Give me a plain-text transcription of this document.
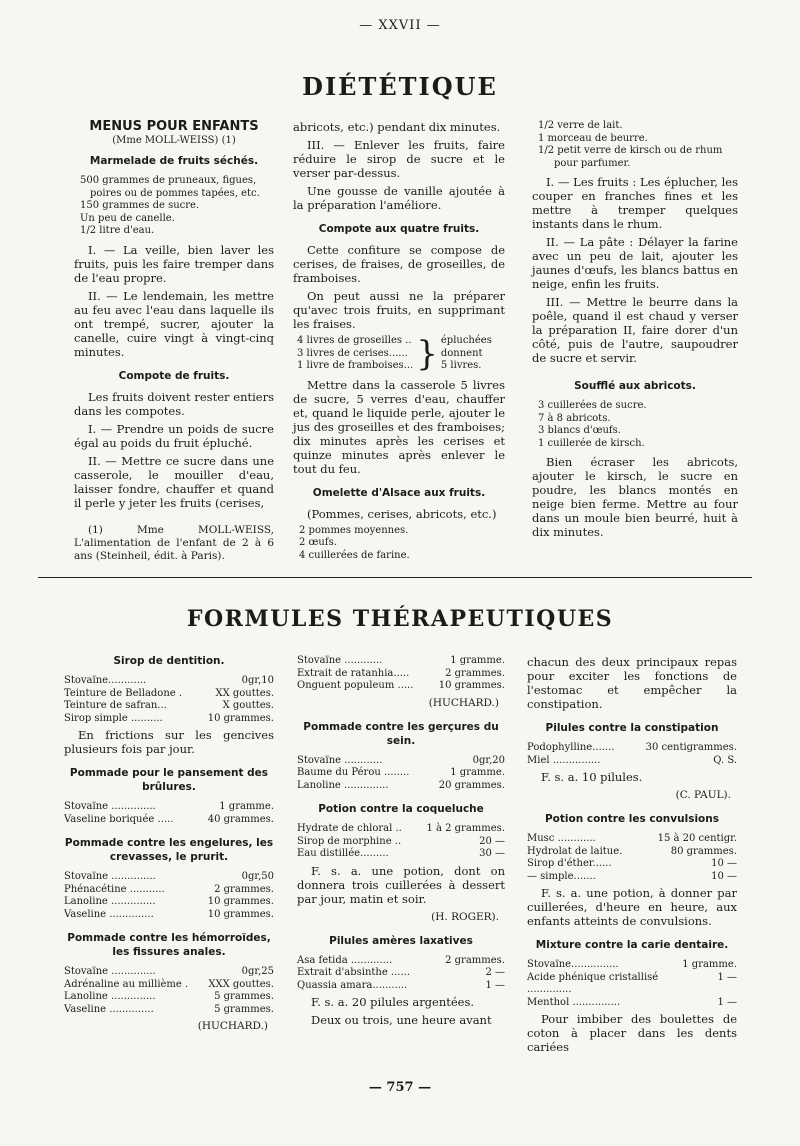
— XXVII —
DIÉTÉTIQUE
MENUS POUR ENFANTS
(Mme MOLL-WEISS) (1)
Marmelade de fruits séchés.
500 grammes de pruneaux, figues,
poires ou de pommes tapées, etc.
150 grammes de sucre.
Un peu de canelle.
1/2 litre d'eau.

I. — La veille, bien laver les fruits, puis les faire tremper dans de l'eau propre.

II. — Le lendemain, les mettre au feu avec l'eau dans laquelle ils ont trempé, sucrer, ajouter la canelle, cuire vingt à vingt-cinq minutes.

Compote de fruits.

Les fruits doivent rester entiers dans les compotes.

I. — Prendre un poids de sucre égal au poids du fruit épluché.

II. — Mettre ce sucre dans une casserole, le mouiller d'eau, laisser fondre, chauffer et quand il perle y jeter les fruits (cerises,

(1) Mme MOLL-WEISS, L'alimentation de l'enfant de 2 à 6 ans (Steinheil, édit. à Paris).

abricots, etc.) pendant dix minutes.

III. — Enlever les fruits, faire réduire le sirop de sucre et le verser par-dessus.

Une gousse de vanille ajoutée à la préparation l'améliore.

Compote aux quatre fruits.

Cette confiture se compose de cerises, de fraises, de groseilles, de framboises.

On peut aussi ne la préparer qu'avec trois fruits, en supprimant les fraises.

4 livres de groseilles ..
3 livres de cerises......
1 livre de framboises...	}	épluchées
donnent
5 livres.

Mettre dans la casserole 5 livres de sucre, 5 verres d'eau, chauffer et, quand le liquide perle, ajouter le jus des groseilles et des framboises; dix minutes après les cerises et quinze minutes après enlever le tout du feu.

Omelette d'Alsace aux fruits.

(Pommes, cerises, abricots, etc.)

2 pommes moyennes.
2 œufs.
4 cuillerées de farine.
1/2 verre de lait.
1 morceau de beurre.
1/2 petit verre de kirsch ou de rhum
pour parfumer.

I. — Les fruits : Les éplucher, les couper en franches fines et les mettre à tremper quelques instants dans le rhum.

II. — La pâte : Délayer la farine avec un peu de lait, ajouter les jaunes d'œufs, les blancs battus en neige, enfin les fruits.

III. — Mettre le beurre dans la poêle, quand il est chaud y verser la préparation II, faire dorer d'un côté, puis de l'autre, saupoudrer de sucre et servir.

Soufflé aux abricots.
3 cuillerées de sucre.
7 à 8 abricots.
3 blancs d'œufs.
1 cuillerée de kirsch.

Bien écraser les abricots, ajouter le kirsch, le sucre en poudre, les blancs montés en neige bien ferme. Mettre au four dans un moule bien beurré, huit à dix minutes.

FORMULES THÉRAPEUTIQUES
Sirop de dentition.
Stovaïne............	0gr,10
Teinture de Belladone .	XX gouttes.
Teinture de safran...	X gouttes.
Sirop simple ..........	10 grammes.

En frictions sur les gencives plusieurs fois par jour.

Pommade pour le pansement des brûlures.
Stovaïne ..............	1 gramme.
Vaseline boriquée .....	40 grammes.
Pommade contre les engelures, les crevasses, le prurit.
Stovaïne ..............	0gr,50
Phénacétine ...........	2 grammes.
Lanoline ..............	10 grammes.
Vaseline ..............	10 grammes.
Pommade contre les hémorroïdes, les fissures anales.
Stovaïne ..............	0gr,25
Adrénaline au millième .	XXX gouttes.
Lanoline ..............	5 grammes.
Vaseline ..............	5 grammes.
(HUCHARD.)
Stovaïne ............	1 gramme.
Extrait de ratanhia.....	2 grammes.
Onguent populeum .....	10 grammes.
(HUCHARD.)
Pommade contre les gerçures du sein.
Stovaïne ............	0gr,20
Baume du Pérou ........	1 gramme.
Lanoline ..............	20 grammes.
Potion contre la coqueluche
Hydrate de chloral ..	1 à 2 grammes.
Sirop de morphine ..	20 —
Eau distillée.........	30 —

F. s. a. une potion, dont on donnera trois cuillerées à dessert par jour, matin et soir.

(H. ROGER).
Pilules amères laxatives
Asa fetida .............	2 grammes.
Extrait d'absinthe ......	2 —
Quassia amara...........	1 —

F. s. a. 20 pilules argentées.

Deux ou trois, une heure avant

chacun des deux principaux repas pour exciter les fonctions de l'estomac et empêcher la constipation.

Pilules contre la constipation
Podophylline.......	30 centigrammes.
Miel ...............	Q. S.

F. s. a. 10 pilules.

(C. PAUL).
Potion contre les convulsions
Musc ............	15 à 20 centigr.
Hydrolat de laitue.	80 grammes.
Sirop d'éther......	10 —
— simple.......	10 —

F. s. a. une potion, à donner par cuillerées, d'heure en heure, aux enfants atteints de convulsions.

Mixture contre la carie dentaire.
Stovaïne...............	1 gramme.
Acide phénique cristallisé ..............	1 —
Menthol ...............	1 —

Pour imbiber des boulettes de coton à placer dans les dents cariées

— 757 —
